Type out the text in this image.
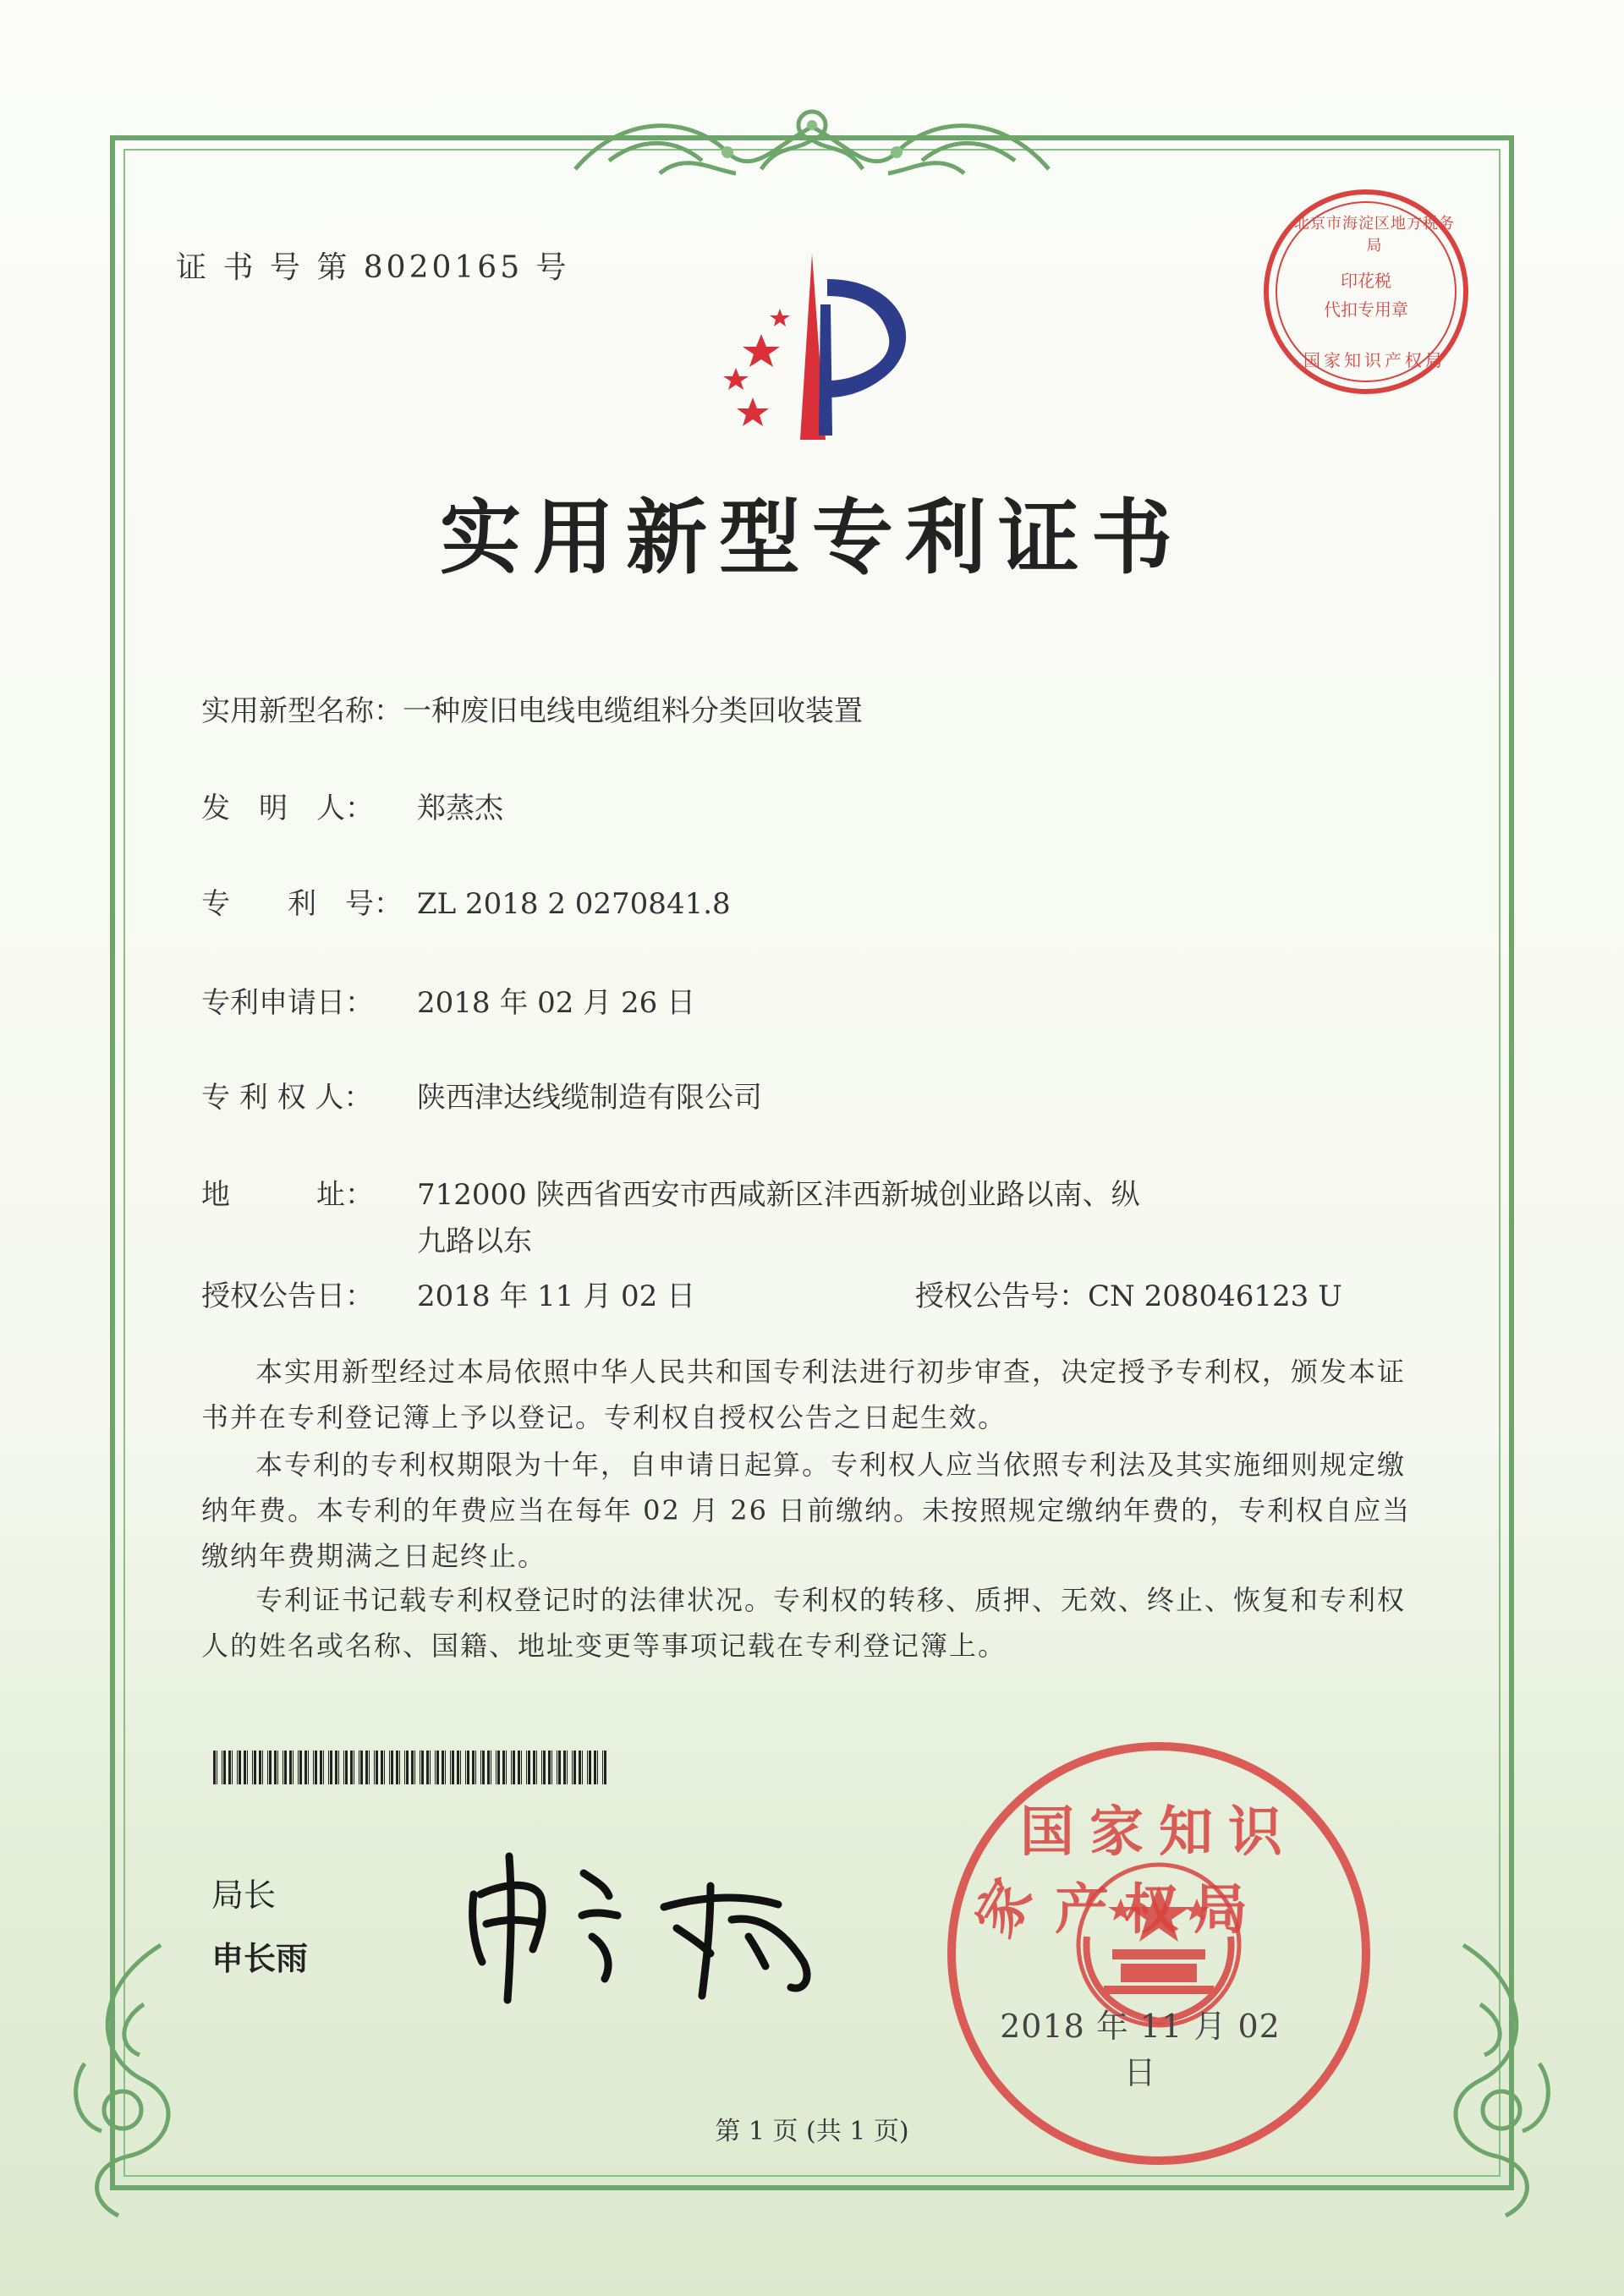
证 书 号 第 8020165 号	印花税
代扣专用章
北京市海淀区地方税务局
国家知识产权局
实用新型专利证书
实用新型名称：一种废旧电线电缆组料分类回收装置
发　明　人： 郑蒸杰
专　　利　号： ZL 2018 2 0270841.8
专利申请日： 2018 年 02 月 26 日
专 利 权 人： 陕西津达线缆制造有限公司
地　　　址： 712000 陕西省西安市西咸新区沣西新城创业路以南、纵
九路以东
授权公告日： 2018 年 11 月 02 日	授权公告号：CN 208046123 U

本实用新型经过本局依照中华人民共和国专利法进行初步审查，决定授予专利权，颁发本证书并在专利登记簿上予以登记。专利权自授权公告之日起生效。

本专利的专利权期限为十年，自申请日起算。专利权人应当依照专利法及其实施细则规定缴纳年费。本专利的年费应当在每年 02 月 26 日前缴纳。未按照规定缴纳年费的，专利权自应当缴纳年费期满之日起终止。

专利证书记载专利权登记时的法律状况。专利权的转移、质押、无效、终止、恢复和专利权人的姓名或名称、国籍、地址变更等事项记载在专利登记簿上。

局长
申长雨
家
国家知识产权局
2018 年 11 月 02 日
第 1 页 (共 1 页)
